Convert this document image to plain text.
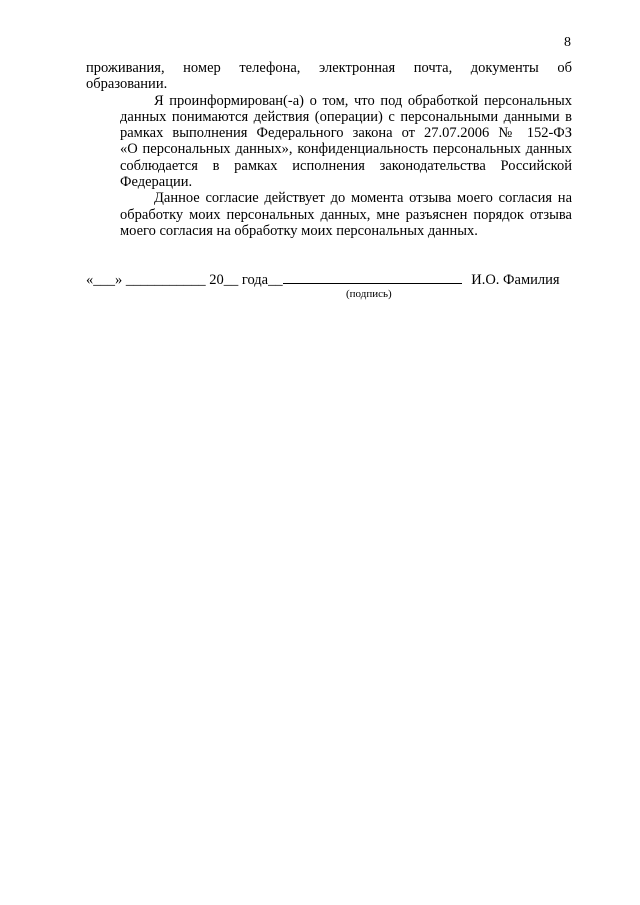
8

проживания, номер телефона, электронная почта, документы об
образовании.

Я проинформирован(-а) о том, что под обработкой персональных
данных понимаются действия (операции) с персональными данными в
рамках выполнения Федерального закона от 27.07.2006 № 152-ФЗ
«О персональных данных», конфиденциальность персональных данных
соблюдается в рамках исполнения законодательства Российской
Федерации.

Данное согласие действует до момента отзыва моего согласия на
обработку моих персональных данных, мне разъяснен порядок отзыва
моего согласия на обработку моих персональных данных.

«___» ___________ 20__ года__	И.О. Фамилия
(подпись)
